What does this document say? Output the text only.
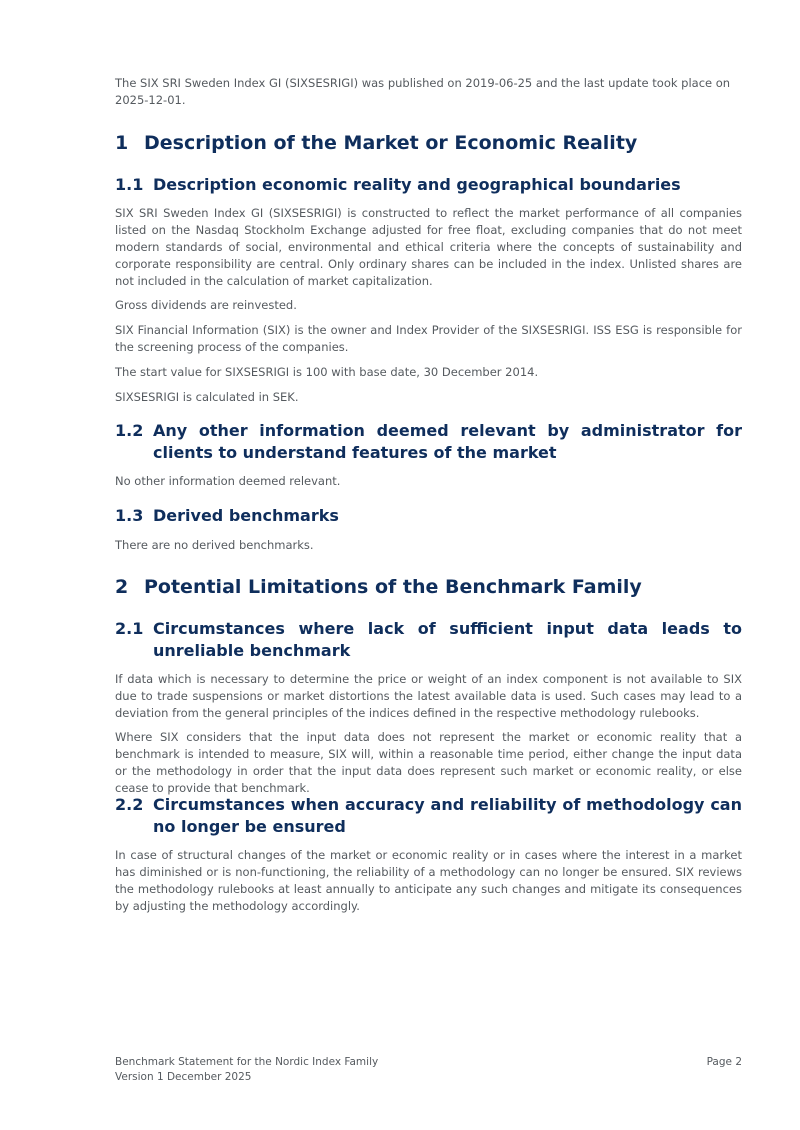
The SIX SRI Sweden Index GI (SIXSESRIGI) was published on 2019-06-25 and the last update took place on 2025-12-01.

1 Description of the Market or Economic Reality
1.1 Description economic reality and geographical boundaries

SIX SRI Sweden Index GI (SIXSESRIGI) is constructed to reflect the market performance of all companies listed on the Nasdaq Stockholm Exchange adjusted for free float, excluding companies that do not meet modern standards of social, environmental and ethical criteria where the concepts of sustainability and corporate responsibility are central. Only ordinary shares can be included in the index. Unlisted shares are not included in the calculation of market capitalization.

Gross dividends are reinvested.

SIX Financial Information (SIX) is the owner and Index Provider of the SIXSESRIGI. ISS ESG is responsible for the screening process of the companies.

The start value for SIXSESRIGI is 100 with base date, 30 December 2014.

SIXSESRIGI is calculated in SEK.

1.2 Any other information deemed relevant by administrator for clients to understand features of the market

No other information deemed relevant.

1.3 Derived benchmarks

There are no derived benchmarks.

2 Potential Limitations of the Benchmark Family
2.1 Circumstances where lack of sufficient input data leads to unreliable benchmark

If data which is necessary to determine the price or weight of an index component is not available to SIX due to trade suspensions or market distortions the latest available data is used. Such cases may lead to a deviation from the general principles of the indices defined in the respective methodology rulebooks.

Where SIX considers that the input data does not represent the market or economic reality that a benchmark is intended to measure, SIX will, within a reasonable time period, either change the input data or the methodology in order that the input data does represent such market or economic reality, or else cease to provide that benchmark.

2.2 Circumstances when accuracy and reliability of methodology can no longer be ensured

In case of structural changes of the market or economic reality or in cases where the interest in a market has diminished or is non-functioning, the reliability of a methodology can no longer be ensured. SIX reviews the methodology rulebooks at least annually to anticipate any such changes and mitigate its consequences by adjusting the methodology accordingly.

Benchmark Statement for the Nordic Index Family
Version 1 December 2025
Page 2
